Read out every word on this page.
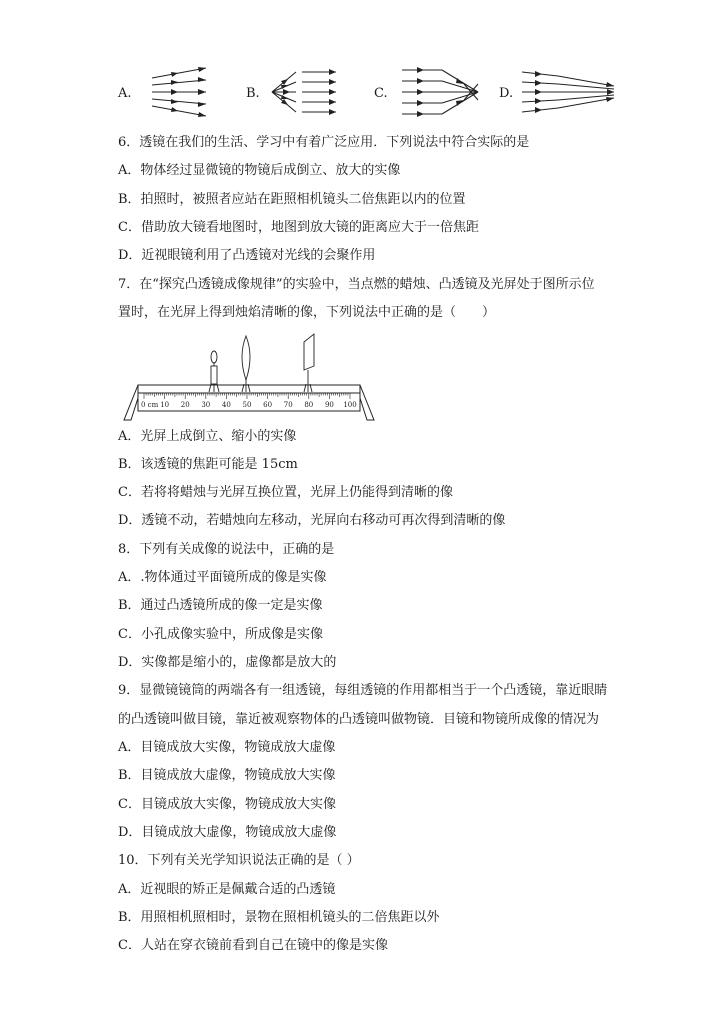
A.	B.	C.	D.
6．透镜在我们的生活、学习中有着广泛应用．下列说法中符合实际的是
A．物体经过显微镜的物镜后成倒立、放大的实像
B．拍照时，被照者应站在距照相机镜头二倍焦距以内的位置
C．借助放大镜看地图时，地图到放大镜的距离应大于一倍焦距
D．近视眼镜利用了凸透镜对光线的会聚作用
7．在“探究凸透镜成像规律”的实验中，当点燃的蜡烛、凸透镜及光屏处于图所示位
置时，在光屏上得到烛焰清晰的像，下列说法中正确的是（　　）
0 cm 10 20 30 40 50 60 70 80 90 100
A．光屏上成倒立、缩小的实像
B．该透镜的焦距可能是 15cm
C．若将将蜡烛与光屏互换位置，光屏上仍能得到清晰的像
D．透镜不动，若蜡烛向左移动，光屏向右移动可再次得到清晰的像
8．下列有关成像的说法中，正确的是
A．.物体通过平面镜所成的像是实像
B．通过凸透镜所成的像一定是实像
C．小孔成像实验中，所成像是实像
D．实像都是缩小的，虚像都是放大的
9．显微镜镜筒的两端各有一组透镜，每组透镜的作用都相当于一个凸透镜，靠近眼睛
的凸透镜叫做目镜，靠近被观察物体的凸透镜叫做物镜．目镜和物镜所成像的情况为
A．目镜成放大实像，物镜成放大虚像
B．目镜成放大虚像，物镜成放大实像
C．目镜成放大实像，物镜成放大实像
D．目镜成放大虚像，物镜成放大虚像
10．下列有关光学知识说法正确的是（ ）
A．近视眼的矫正是佩戴合适的凸透镜
B．用照相机照相时，景物在照相机镜头的二倍焦距以外
C．人站在穿衣镜前看到自己在镜中的像是实像
